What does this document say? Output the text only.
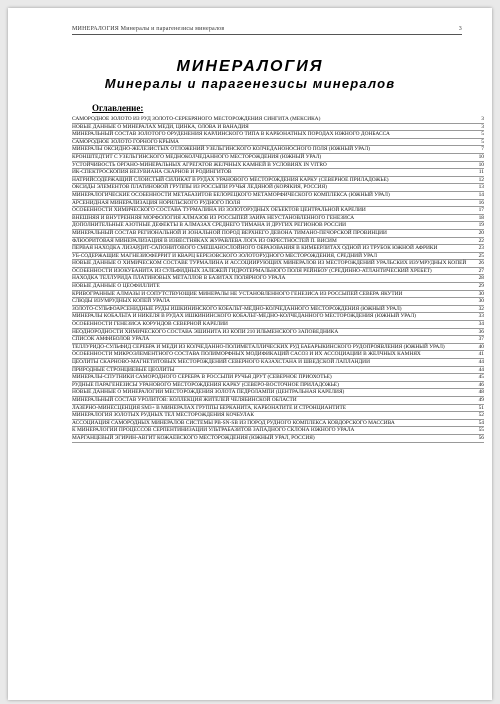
МИНЕРАЛОГИЯ Минералы и парагенезисы минералов	3
МИНЕРАЛОГИЯ
Минералы и парагенезисы минералов
Оглавление:
САМОРОДНОЕ ЗОЛОТО ИЗ РУД ЗОЛОТО-СЕРЕБРЯНОГО МЕСТОРОЖДЕНИЯ СИНГИТА (МЕКСИКА)	3
НОВЫЕ ДАННЫЕ О МИНЕРАЛАХ МЕДИ, ЦИНКА, ОЛОВА И ВАНАДИЯ	3
МИНЕРАЛЬНЫЙ СОСТАВ ЗОЛОТОГО ОРУДЕНЕНИЯ КАРЛИНСКОГО ТИПА В КАРБОНАТНЫХ ПОРОДАХ ЮЖНОГО ДОНБАССА	5
САМОРОДНОЕ ЗОЛОТО ГОРНОГО КРЫМА	5
МИНЕРАЛЫ ОКСИДНО-ЖЕЛЕЗИСТЫХ ОТЛОЖЕНИЙ УЗЕЛЬГИНСКОГО КОЛЧЕДАНОНОСНОГО ПОЛЯ (ЮЖНЫЙ УРАЛ)	7
КРОНШТЕДТИТ С УЗЕЛЬГИНСКОГО МЕДНОКОЛЧЕДАННОГО МЕСТОРОЖДЕНИЯ (ЮЖНЫЙ УРАЛ)	10
УСТОЙЧИВОСТЬ ОРГАНО-МИНЕРАЛЬНЫХ АГРЕГАТОВ ЖЕЛЧНЫХ КАМНЕЙ В УСЛОВИЯХ IN VITRO	10
ИК-СПЕКТРОСКОПИЯ ВЕЗУВИАНА СКАРНОВ И РОДИНГИТОВ	11
НАТРИЙСОДЕРЖАЩИЙ СЛОИСТЫЙ СИЛИКАТ В РУДАХ УРАНОВОГО МЕСТОРОЖДЕНИЯ КАРКУ (СЕВЕРНОЕ ПРИЛАДОЖЬЕ)	12
ОКСИДЫ ЭЛЕМЕНТОВ ПЛАТИНОВОЙ ГРУППЫ ИЗ РОССЫПИ РУЧЬЯ ЛЕДЯНОЙ (КОРЯКИЯ, РОССИЯ)	13
МИНЕРАЛОГИЧЕСКИЕ ОСОБЕННОСТИ МЕТАБАЗИТОВ БЕЛОРЕЦКОГО МЕТАМОРФИЧЕСКОГО КОМПЛЕКСА (ЮЖНЫЙ УРАЛ)	14
АРСЕНИДНАЯ МИНЕРАЛИЗАЦИЯ НОРИЛЬСКОГО РУДНОГО ПОЛЯ	16
ОСОБЕННОСТИ ХИМИЧЕСКОГО СОСТАВА ТУРМАЛИНА ИЗ ЗОЛОТОРУДНЫХ ОБЪЕКТОВ ЦЕНТРАЛЬНОЙ КАРЕЛИИ	17
ВНЕШНЯЯ И ВНУТРЕННЯЯ МОРФОЛОГИЯ АЛМАЗОВ ИЗ РОССЫПЕЙ ЗАИРА НЕУСТАНОВЛЕННОГО ГЕНЕЗИСА	18
ДОПОЛНИТЕЛЬНЫЕ АЗОТНЫЕ ДЕФЕКТЫ В АЛМАЗАХ СРЕДНЕГО ТИМАНА И ДРУГИХ РЕГИОНОВ РОССИИ	19
МИНЕРАЛЬНЫЙ СОСТАВ РЕГИОНАЛЬНОЙ И ЗОНАЛЬНОЙ ПОРОД ВЕРХНЕГО ДЕВОНА ТИМАНО-ПЕЧОРСКОЙ ПРОВИНЦИИ	20
ФЛЮОРИТОВАЯ МИНЕРАЛИЗАЦИЯ В ИЗВЕСТНЯКАХ ЖУРАВЛЕВА ЛОГА ИЗ ОКРЕСТНОСТЕЙ П. ВИСИМ	22
ПЕРВАЯ НАХОДКА ЛИЗАРДИТ-САПОНИТОВОГО СМЕШАНОСЛОЙНОГО ОБРАЗОВАНИЯ В КИМБЕРЛИТАХ ОДНОЙ ИЗ ТРУБОК ЮЖНОЙ АФРИКИ	23
УБ-СОДЕРЖАЩИЕ МАГНЕЗИОФЕРРИТ И КВАРЦ БЕРЕЗОВСКОГО ЗОЛОТОРУДНОГО МЕСТОРОЖДЕНИЯ, СРЕДНИЙ УРАЛ	25
НОВЫЕ ДАННЫЕ О ХИМИЧЕСКОМ СОСТАВЕ ТУРМАЛИНА И АССОЦИИРУЮЩИХ МИНЕРАЛОВ ИЗ МЕСТОРОЖДЕНИЙ УРАЛЬСКИХ ИЗУМРУДНЫХ КОПЕЙ	26
ОСОБЕННОСТИ ИЗОКУБАНИТА ИЗ СУЛЬФИДНЫХ ЗАЛЕЖЕЙ ГИДРОТЕРМАЛЬНОГО ПОЛЯ РЕЙНБОУ (СРЕДИННО-АТЛАНТИЧЕСКИЙ ХРЕБЕТ)	27
НАХОДКА ТЕЛЛУРИДА ПЛАТИНОВЫХ МЕТАЛЛОВ В БАЗИТАХ ПОЛЯРНОГО УРАЛА	28
НОВЫЕ ДАННЫЕ О ЦЕОФИЛЛИТЕ	29
КРИВОГРАННЫЕ АЛМАЗЫ И СОПУТСТВУЮЩИЕ МИНЕРАЛЫ НЕ УСТАНОВЛЕННОГО ГЕНЕЗИСА ИЗ РОССЫПЕЙ СЕВЕРА ЯКУТИИ	30
СЛЮДЫ ИЗУМРУДНЫХ КОПЕЙ УРАЛА	30
ЗОЛОТО-СУЛЬФОАРСЕНИДНЫЕ РУДЫ ИШКИНИНСКОГО КОБАЛЬТ-МЕДНО-КОЛЧЕДАННОГО МЕСТОРОЖДЕНИЯ (ЮЖНЫЙ УРАЛ)	32
МИНЕРАЛЫ КОБАЛЬТА И НИКЕЛЯ В РУДАХ ИШКИНИНСКОГО КОБАЛЬТ-МЕДНО-КОЛЧЕДАННОГО МЕСТОРОЖДЕНИЯ (ЮЖНЫЙ УРАЛ)	33
ОСОБЕННОСТИ ГЕНЕЗИСА КОРУНДОВ СЕВЕРНОЙ КАРЕЛИИ	34
НЕОДНОРОДНОСТИ ХИМИЧЕСКОГО СОСТАВА ЭШИНИТА ИЗ КОПИ 210 ИЛЬМЕНСКОГО ЗАПОВЕДНИКА	36
СПИСОК АМФИБОЛОВ УРАЛА	37
ТЕЛЛУРИДО-СУЛЬФИД СЕРЕБРА И МЕДИ ИЗ КОЛЧЕДАННО-ПОЛИМЕТАЛЛИЧЕСКИХ РУД БАБАРЫКИНСКОГО РУДОПРОЯВЛЕНИЯ (ЮЖНЫЙ УРАЛ)	40
ОСОБЕННОСТИ МИКРОЭЛЕМЕНТНОГО СОСТАВА ПОЛИМОРФНЫХ МОДИФИКАЦИЙ CACO3 И ИХ АССОЦИАЦИИ В ЖЕЛЧНЫХ КАМНЯХ	41
ЦЕОЛИТЫ СКАРНОВО-МАГНЕТИТОВЫХ МЕСТОРОЖДЕНИЙ СЕВЕРНОГО КАЗАХСТАНА И ШВЕДСКОЙ ЛАПЛАНДИИ	44
ПРИРОДНЫЕ СТРОНЦИЕВЫЕ ЦЕОЛИТЫ	44
МИНЕРАЛЫ-СПУТНИКИ САМОРОДНОГО СЕРЕБРА В РОССЫПИ РУЧЬЯ ДРУТ (СЕВЕРНОЕ ПРИОХОТЬЕ)	45
РУДНЫЕ ПАРАГЕНЕЗИСЫ УРАНОВОГО МЕСТОРОЖДЕНИЯ КАРКУ (СЕВЕРО-ВОСТОЧНОЕ ПРИЛАДОЖЬЕ)	46
НОВЫЕ ДАННЫЕ О МИНЕРАЛОГИИ МЕСТОРОЖДЕНИЯ ЗОЛОТА ПЕДРОЛАМПИ (ЦЕНТРАЛЬНАЯ КАРЕЛИЯ)	48
МИНЕРАЛЬНЫЙ СОСТАВ УРОЛИТОВ: КОЛЛЕКЦИЯ ЖИТЕЛЕЙ ЧЕЛЯБИНСКОЙ ОБЛАСТИ	49
ЛАЗЕРНО-МИНЕСЦЕНЦИЯ SM3+ В МИНЕРАЛАХ ГРУППЫ БЕРКАНИТА, КАРБОНАТИТЕ И СТРОНЦИАНТИТЕ	51
МИНЕРАЛОГИЯ ЗОЛОТЫХ РУДНЫХ ТЕЛ МЕСТОРОЖДЕНИЯ КОЧБУЛАК	52
АССОЦИАЦИЯ САМОРОДНЫХ МИНЕРАЛОВ СИСТЕМЫ PB-SN-SB ИЗ ПОРОД РУДНОГО КОМПЛЕКСА КОВДОРСКОГО МАССИВА	54
К МИНЕРАЛОГИИ ПРОЦЕССОВ СЕРПЕНТИНИЗАЦИИ УЛЬТРАБАЗИТОВ ЗАПАДНОГО СКЛОНА ЮЖНОГО УРАЛА	55
МАРГАНЦЕВЫЙ ЭГИРИН-АВГИТ КОЖАЕВСКОГО МЕСТОРОЖДЕНИЯ (ЮЖНЫЙ УРАЛ, РОССИЯ)	56
